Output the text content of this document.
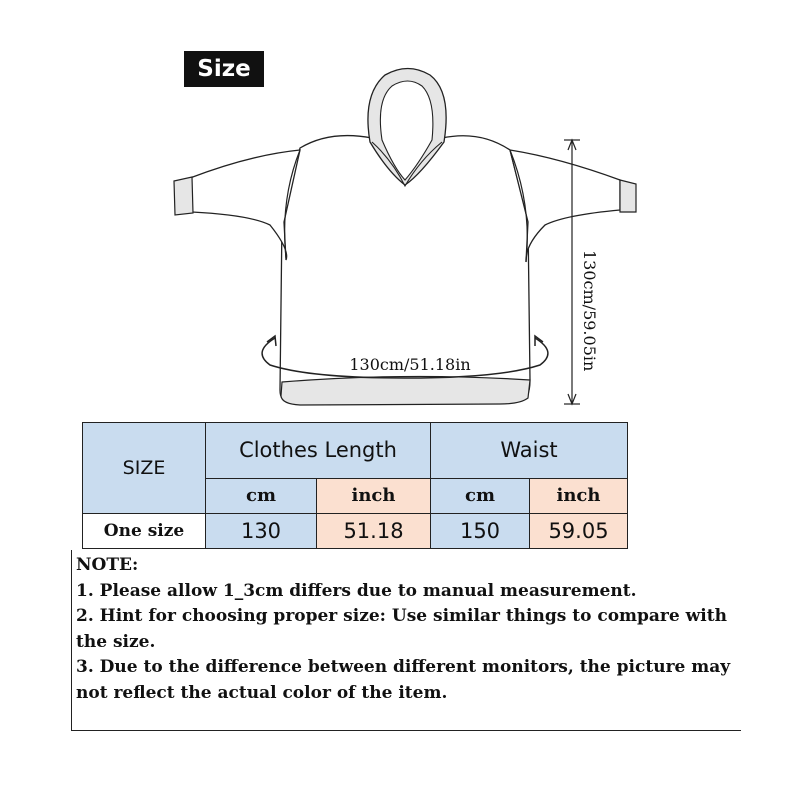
Size
130cm/59.05in
130cm/51.18in
SIZE	Clothes Length		Waist	
	cm	inch	cm	inch
One size	130	51.18	150	59.05
NOTE:
1. Please allow 1_3cm differs due to manual measurement.
2. Hint for choosing proper size: Use similar things to compare with
the size.
3. Due to the difference between different monitors, the picture may
not reflect the actual color of the item.
